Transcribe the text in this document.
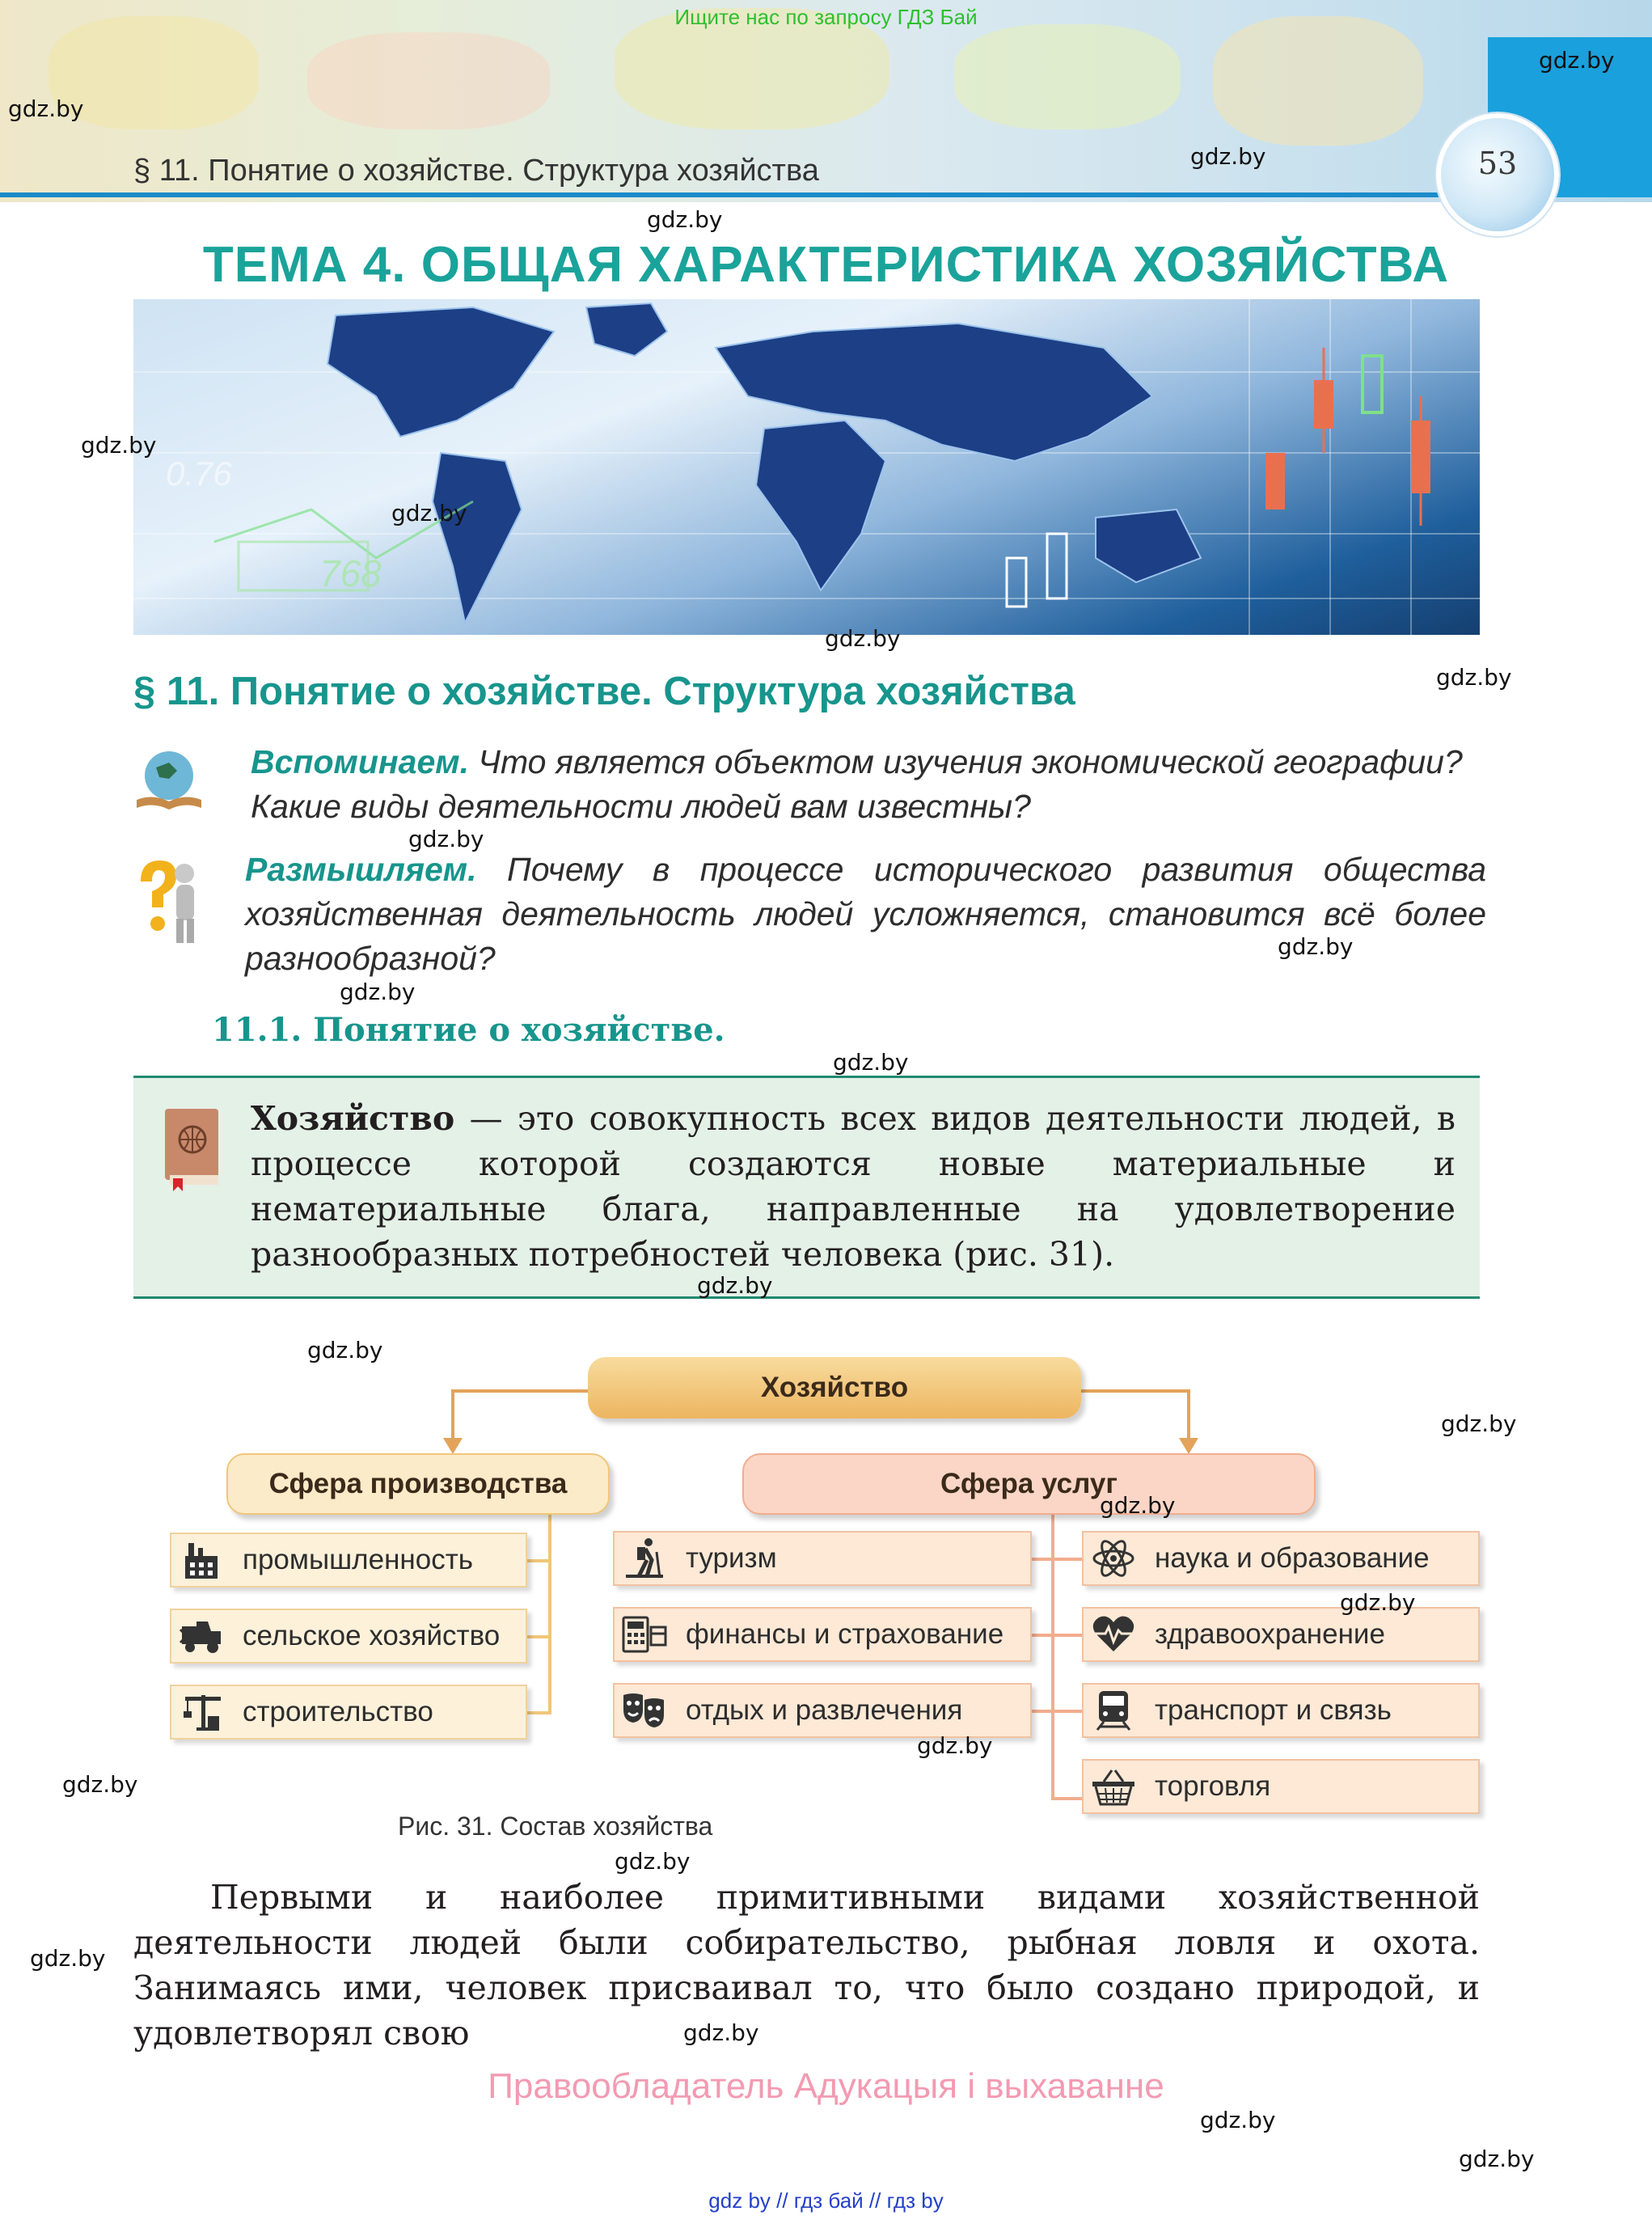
Ищите нас по запросу ГДЗ Бай
53
§ 11. Понятие о хозяйстве. Структура хозяйства
ТЕМА 4. ОБЩАЯ ХАРАКТЕРИСТИКА ХОЗЯЙСТВА
0.76
768
§ 11. Понятие о хозяйстве. Структура хозяйства
Вспоминаем. Что является объектом изучения экономической географии? Какие виды деятельности людей вам известны?
Размышляем. Почему в процессе исторического развития общества хозяйственная деятельность людей усложняется, становится всё более разнообразной?
11.1. Понятие о хозяйстве.
Хозяйство — это совокупность всех видов деятельности людей, в процессе которой создаются новые материальные и нематериальные блага, направленные на удовлетворение разнообразных потребностей человека (рис. 31).
Хозяйство
Сфера производства	Сфера услуг
промышленность
сельское хозяйство
строительство
туризм
финансы и страхование
отдых и развлечения
наука и образование
здравоохранение
транспорт и связь
торговля
Рис. 31. Состав хозяйства
Первыми и наиболее примитивными видами хозяйственной деятельности людей были собирательство, рыбная ловля и охота. Занимаясь ими, человек присваивал то, что было создано природой, и удовлетворял свою
Правообладатель Адукацыя і выхаванне
gdz by // гдз бай // гдз by
gdz.by
gdz.by
gdz.by
gdz.by
gdz.by
gdz.by
gdz.by
gdz.by
gdz.by
gdz.by
gdz.by
gdz.by
gdz.by
gdz.by
gdz.by
gdz.by
gdz.by
gdz.by
gdz.by
gdz.by
gdz.by
gdz.by
gdz.by
gdz.by
